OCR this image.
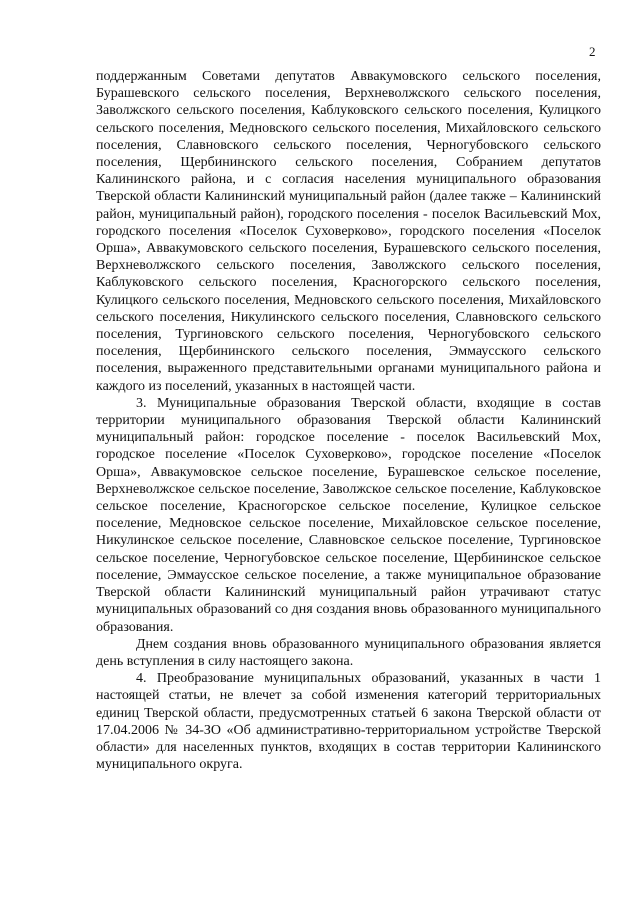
2

поддержанным Советами депутатов Аввакумовского сельского поселения, Бурашевского сельского поселения, Верхневолжского сельского поселения, Заволжского сельского поселения, Каблуковского сельского поселения, Кулицкого сельского поселения, Медновского сельского поселения, Михайловского сельского поселения, Славновского сельского поселения, Черногубовского сельского поселения, Щербининского сельского поселения, Собранием депутатов Калининского района, и с согласия населения муниципального образования Тверской области Калининский муниципальный район (далее также – Калининский район, муниципальный район), городского поселения - поселок Васильевский Мох, городского поселения «Поселок Суховерково», городского поселения «Поселок Орша», Аввакумовского сельского поселения, Бурашевского сельского поселения, Верхневолжского сельского поселения, Заволжского сельского поселения, Каблуковского сельского поселения, Красногорского сельского поселения, Кулицкого сельского поселения, Медновского сельского поселения, Михайловского сельского поселения, Никулинского сельского поселения, Славновского сельского поселения, Тургиновского сельского поселения, Черногубовского сельского поселения, Щербининского сельского поселения, Эммаусского сельского поселения, выраженного представительными органами муниципального района и каждого из поселений, указанных в настоящей части.

3. Муниципальные образования Тверской области, входящие в состав территории муниципального образования Тверской области Калининский муниципальный район: городское поселение - поселок Васильевский Мох, городское поселение «Поселок Суховерково», городское поселение «Поселок Орша», Аввакумовское сельское поселение, Бурашевское сельское поселение, Верхневолжское сельское поселение, Заволжское сельское поселение, Каблуковское сельское поселение, Красногорское сельское поселение, Кулицкое сельское поселение, Медновское сельское поселение, Михайловское сельское поселение, Никулинское сельское поселение, Славновское сельское поселение, Тургиновское сельское поселение, Черногубовское сельское поселение, Щербининское сельское поселение, Эммаусское сельское поселение, а также муниципальное образование Тверской области Калининский муниципальный район утрачивают статус муниципальных образований со дня создания вновь образованного муниципального образования.

Днем создания вновь образованного муниципального образования является день вступления в силу настоящего закона.

4. Преобразование муниципальных образований, указанных в части 1 настоящей статьи, не влечет за собой изменения категорий территориальных единиц Тверской области, предусмотренных статьей 6 закона Тверской области от 17.04.2006 № 34-ЗО «Об административно-территориальном устройстве Тверской области» для населенных пунктов, входящих в состав территории Калининского муниципального округа.
